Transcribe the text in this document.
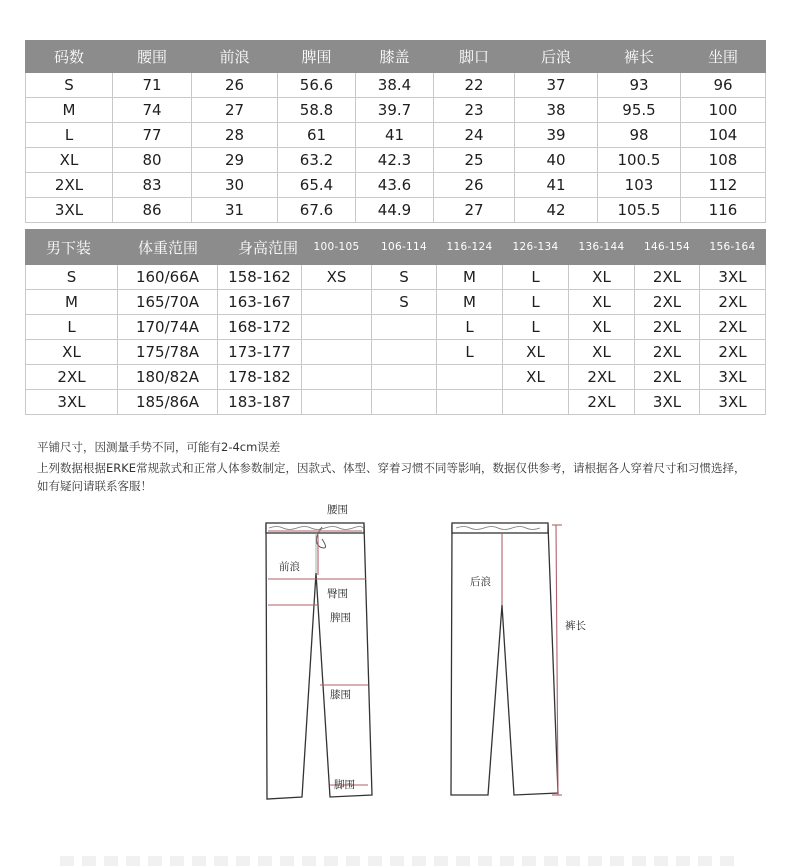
码数	腰围	前浪	脾围	膝盖	脚口	后浪	裤长	坐围
S	71	26	56.6	38.4	22	37	93	96
M	74	27	58.8	39.7	23	38	95.5	100
L	77	28	61	41	24	39	98	104
XL	80	29	63.2	42.3	25	40	100.5	108
2XL	83	30	65.4	43.6	26	41	103	112
3XL	86	31	67.6	44.9	27	42	105.5	116
男下装	体重范围	身高范围	100-105	106-114	116-124	126-134	136-144	146-154	156-164
S	160/66A	158-162	XS	S	M	L	XL	2XL	3XL
M	165/70A	163-167		S	M	L	XL	2XL	2XL
L	170/74A	168-172			L	L	XL	2XL	2XL
XL	175/78A	173-177			L	XL	XL	2XL	2XL
2XL	180/82A	178-182				XL	2XL	2XL	3XL
3XL	185/86A	183-187					2XL	3XL	3XL
平铺尺寸，因测量手势不同，可能有2-4cm误差
上列数据根据ERKE常规款式和正常人体参数制定，因款式、体型、穿着习惯不同等影响，数据仅供参考，请根据各人穿着尺寸和习惯选择，
如有疑问请联系客服！
腰围
前浪
臀围
脾围
膝围
脚围
后浪
裤长
